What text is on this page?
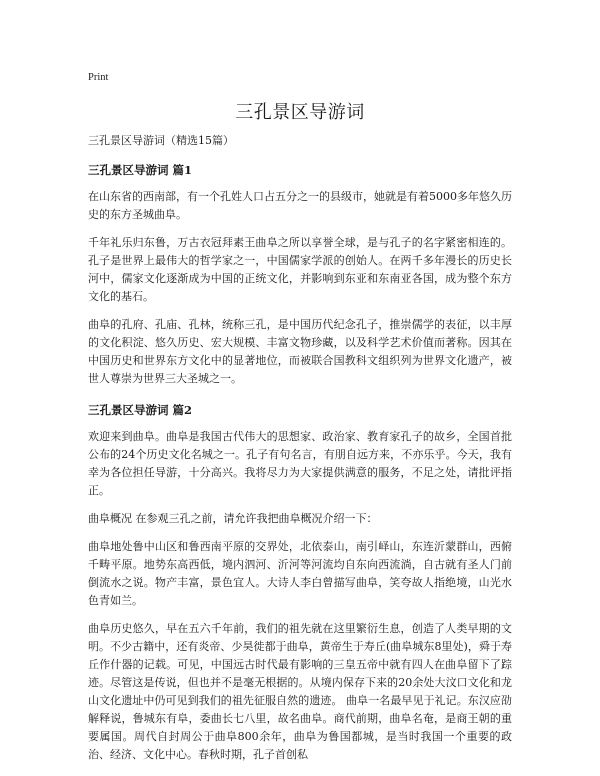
Print
三孔景区导游词

三孔景区导游词（精选15篇）

三孔景区导游词 篇1

在山东省的西南部，有一个孔姓人口占五分之一的县级市，她就是有着5000多年悠久历史的东方圣城曲阜。

千年礼乐归东鲁，万古衣冠拜素王曲阜之所以享誉全球，是与孔子的名字紧密相连的。孔子是世界上最伟大的哲学家之一，中国儒家学派的创始人。在两千多年漫长的历史长河中，儒家文化逐渐成为中国的正统文化，并影响到东亚和东南亚各国，成为整个东方文化的基石。

曲阜的孔府、孔庙、孔林，统称三孔，是中国历代纪念孔子，推崇儒学的表征，以丰厚的文化积淀、悠久历史、宏大规模、丰富文物珍藏，以及科学艺术价值而著称。因其在中国历史和世界东方文化中的显著地位，而被联合国教科文组织列为世界文化遗产，被世人尊崇为世界三大圣城之一。

三孔景区导游词 篇2

欢迎来到曲阜。曲阜是我国古代伟大的思想家、政治家、教育家孔子的故乡，全国首批公布的24个历史文化名城之一。孔子有句名言，有朋自远方来，不亦乐乎。今天，我有 幸为各位担任导游，十分高兴。我将尽力为大家提供满意的服务，不足之处，请批评指正。

曲阜概况 在参观三孔之前，请允许我把曲阜概况介绍一下：

曲阜地处鲁中山区和鲁西南平原的交界处，北依泰山，南引峄山，东连沂蒙群山，西俯千畴平原。地势东高西低，境内泗河、沂河等河流均自东向西流淌，自古就有圣人门前倒流水之说。物产丰富，景色宜人。大诗人李白曾描写曲阜，笑夸故人指绝境，山光水色青如兰。

曲阜历史悠久，早在五六千年前，我们的祖先就在这里繁衍生息，创造了人类早期的文明。不少古籍中，还有炎帝、少昊徙都于曲阜，黄帝生于寿丘(曲阜城东8里处)，舜于寿丘作什器的记载。可见，中国远古时代最有影响的三皇五帝中就有四人在曲阜留下了踪迹。尽管这是传说，但也并不是毫无根据的。从境内保存下来的20余处大汶口文化和龙山文化遗址中仍可见到我们的祖先征服自然的遗迹。 曲阜一名最早见于礼记。东汉应劭解释说，鲁城东有阜，委曲长七八里，故名曲阜。商代前期，曲阜名奄，是商王朝的重要属国。周代自封周公于曲阜800余年，曲阜为鲁国都城，是当时我国一个重要的政治、经济、文化中心。春秋时期，孔子首创私
